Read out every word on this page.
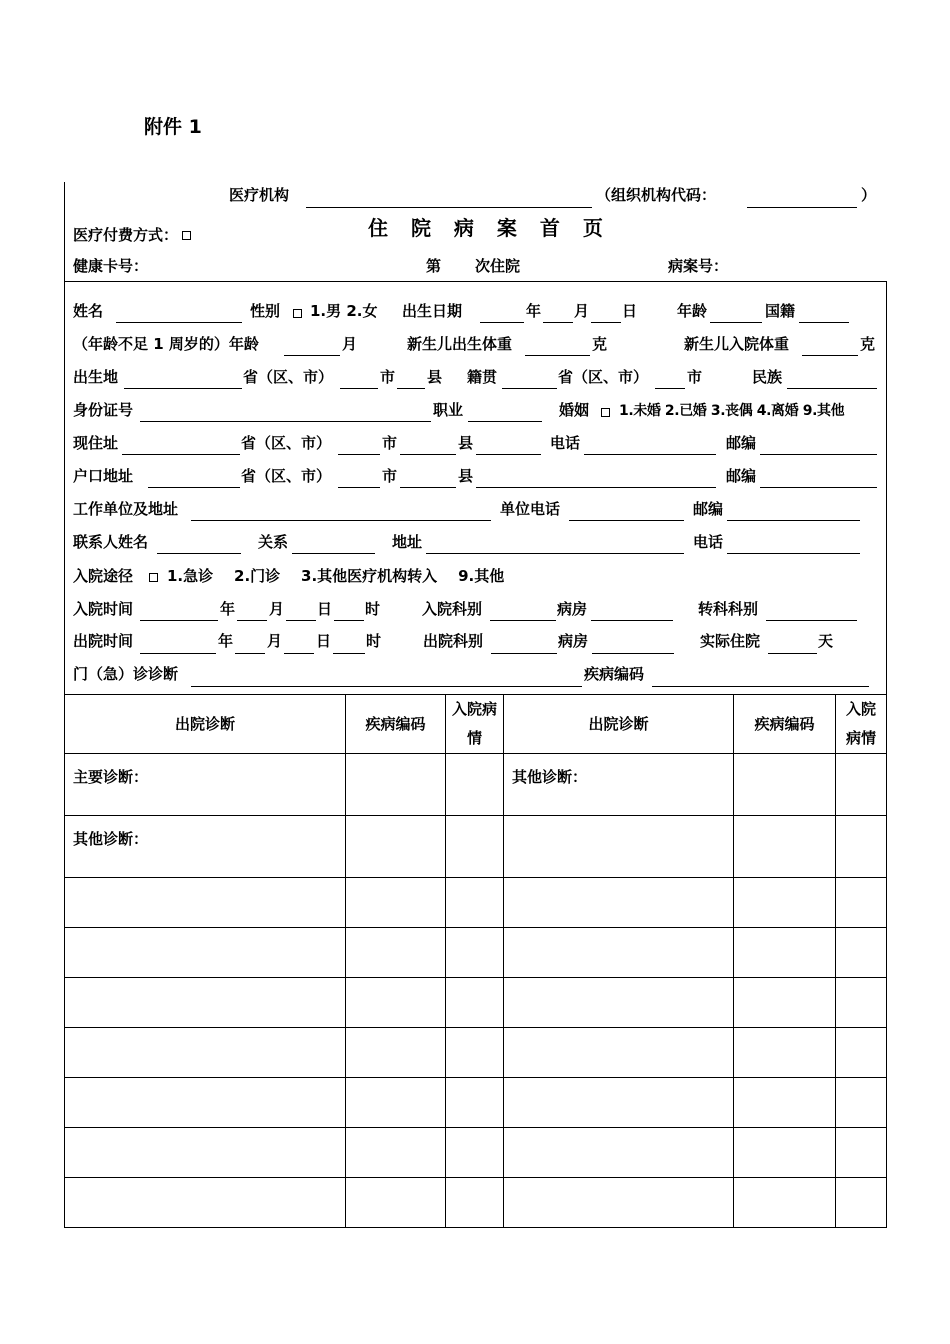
附件 1
医疗机构	（组织机构代码：	）
医疗付费方式：	住 院 病 案 首 页
健康卡号：	第 次住院	病案号：
姓名	性别 1.男 2.女 出生日期	年 月 日	年龄	国籍
（年龄不足 1 周岁的）年龄	月	新生儿出生体重	克	新生儿入院体重	克
出生地	省（区、市）	市 县 籍贯	省（区、市）	市	民族
身份证号	职业	婚姻 1.未婚 2.已婚 3.丧偶 4.离婚 9.其他
现住址	省（区、市）	市	县	电话	邮编
户口地址	省（区、市）	市	县	邮编
工作单位及地址	单位电话	邮编
联系人姓名	关系	地址	电话
入院途径 1.急诊    2.门诊    3.其他医疗机构转入    9.其他
入院时间	年 月 日 时	入院科别	病房	转科科别
出院时间	年 月 日 时	出院科别	病房	实际住院	天
门（急）诊诊断	疾病编码
出院诊断	疾病编码	入院病情	出院诊断	疾病编码	入院病情
主要诊断：			其他诊断：		
其他诊断：					
